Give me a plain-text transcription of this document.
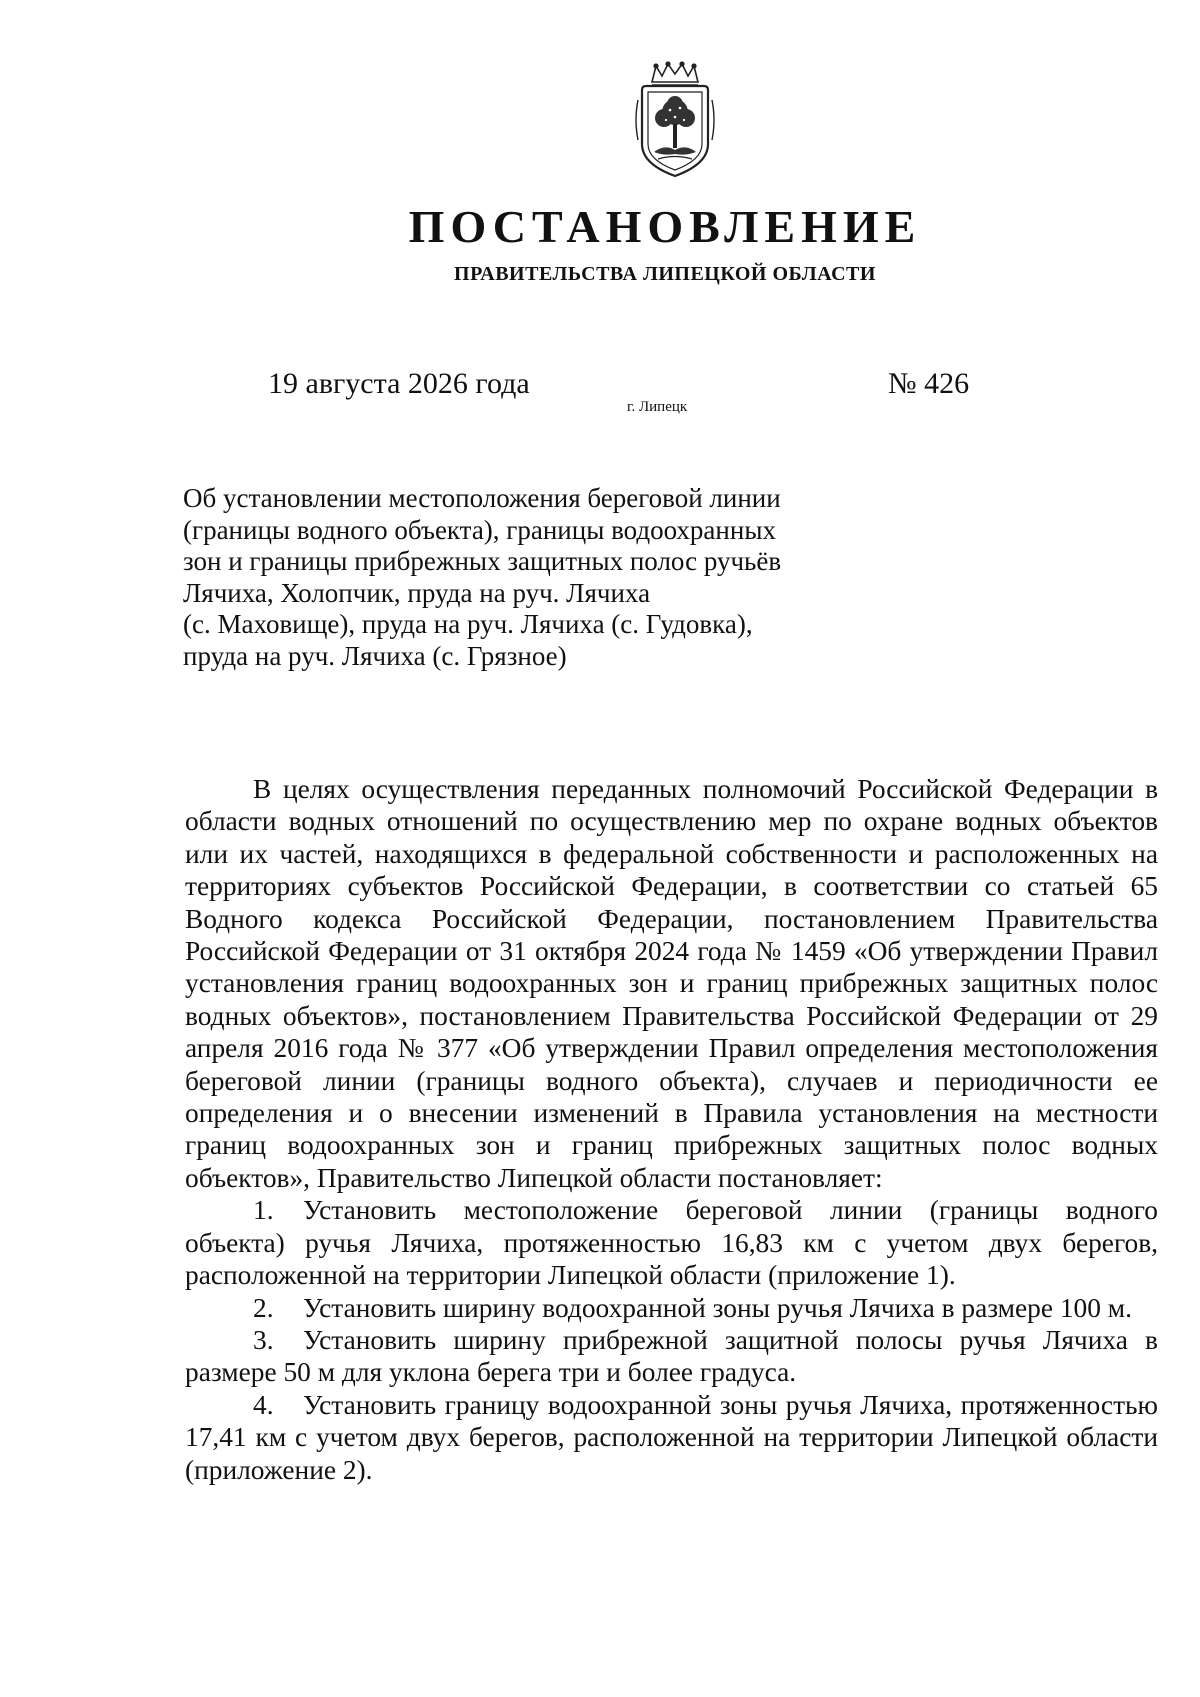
ПОСТАНОВЛЕНИЕ
ПРАВИТЕЛЬСТВА ЛИПЕЦКОЙ ОБЛАСТИ
19 августа 2026 года
г. Липецк
№ 426
Об установлении местоположения береговой линии
(границы водного объекта), границы водоохранных
зон и границы прибрежных защитных полос ручьёв
Лячиха, Холопчик, пруда на руч. Лячиха
(с. Маховище), пруда на руч. Лячиха (с. Гудовка),
пруда на руч. Лячиха (с. Грязное)

В целях осуществления переданных полномочий Российской Федерации в области водных отношений по осуществлению мер по охране водных объектов или их частей, находящихся в федеральной собственности и расположенных на территориях субъектов Российской Федерации, в соответствии со статьей 65 Водного кодекса Российской Федерации, постановлением Правительства Российской Федерации от 31 октября 2024 года № 1459 «Об утверждении Правил установления границ водоохранных зон и границ прибрежных защитных полос водных объектов», постановлением Правительства Российской Федерации от 29 апреля 2016 года № 377 «Об утверждении Правил определения местоположения береговой линии (границы водного объекта), случаев и периодичности ее определения и о внесении изменений в Правила установления на местности границ водоохранных зон и границ прибрежных защитных полос водных объектов», Правительство Липецкой области постановляет:

1. Установить местоположение береговой линии (границы водного объекта) ручья Лячиха, протяженностью 16,83 км с учетом двух берегов, расположенной на территории Липецкой области (приложение 1).

2. Установить ширину водоохранной зоны ручья Лячиха в размере 100 м.

3. Установить ширину прибрежной защитной полосы ручья Лячиха в размере 50 м для уклона берега три и более градуса.

4. Установить границу водоохранной зоны ручья Лячиха, протяженностью 17,41 км с учетом двух берегов, расположенной на территории Липецкой области (приложение 2).
